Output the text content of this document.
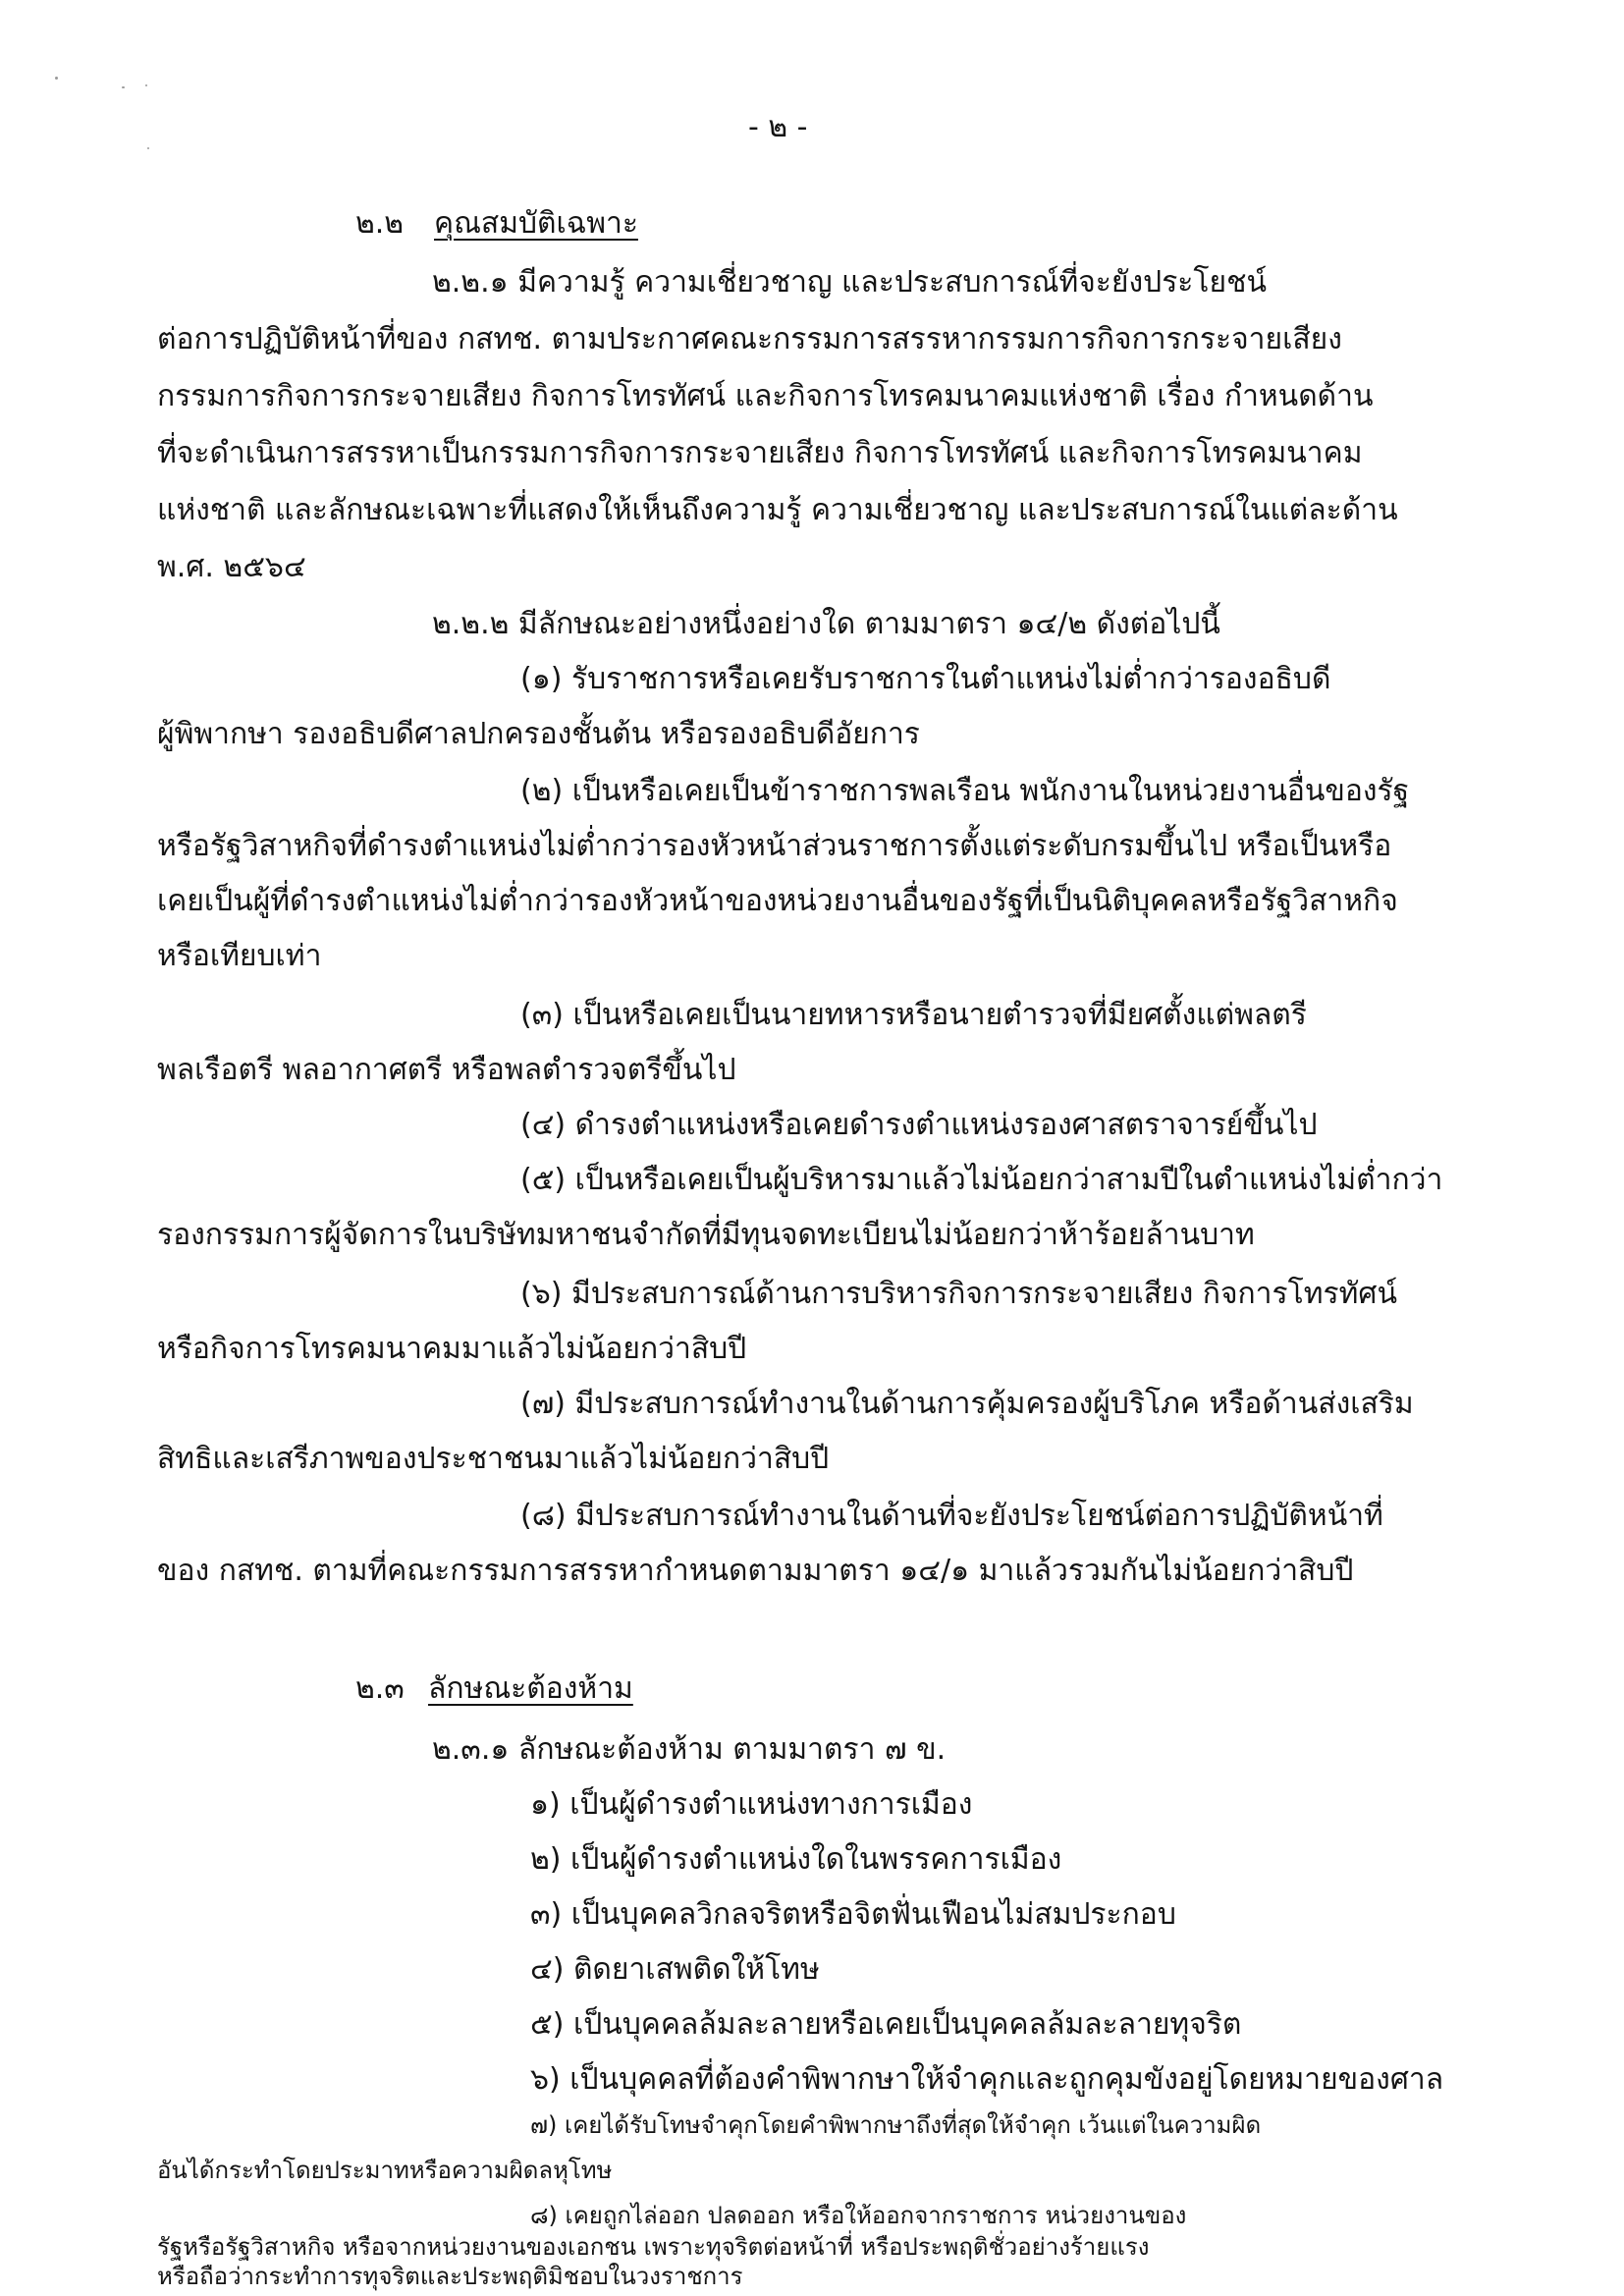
- ๒ -
๒.๒ คุณสมบัติเฉพาะ
๒.๒.๑ มีความรู้ ความเชี่ยวชาญ และประสบการณ์ที่จะยังประโยชน์
ต่อการปฏิบัติหน้าที่ของ กสทช. ตามประกาศคณะกรรมการสรรหากรรมการกิจการกระจายเสียง
กรรมการกิจการกระจายเสียง กิจการโทรทัศน์ และกิจการโทรคมนาคมแห่งชาติ เรื่อง กำหนดด้าน
ที่จะดำเนินการสรรหาเป็นกรรมการกิจการกระจายเสียง กิจการโทรทัศน์ และกิจการโทรคมนาคม
แห่งชาติ และลักษณะเฉพาะที่แสดงให้เห็นถึงความรู้ ความเชี่ยวชาญ และประสบการณ์ในแต่ละด้าน
พ.ศ. ๒๕๖๔
๒.๒.๒ มีลักษณะอย่างหนึ่งอย่างใด ตามมาตรา ๑๔/๒ ดังต่อไปนี้
(๑) รับราชการหรือเคยรับราชการในตำแหน่งไม่ต่ำกว่ารองอธิบดี
ผู้พิพากษา รองอธิบดีศาลปกครองชั้นต้น หรือรองอธิบดีอัยการ
(๒) เป็นหรือเคยเป็นข้าราชการพลเรือน พนักงานในหน่วยงานอื่นของรัฐ
หรือรัฐวิสาหกิจที่ดำรงตำแหน่งไม่ต่ำกว่ารองหัวหน้าส่วนราชการตั้งแต่ระดับกรมขึ้นไป หรือเป็นหรือ
เคยเป็นผู้ที่ดำรงตำแหน่งไม่ต่ำกว่ารองหัวหน้าของหน่วยงานอื่นของรัฐที่เป็นนิติบุคคลหรือรัฐวิสาหกิจ
หรือเทียบเท่า
(๓) เป็นหรือเคยเป็นนายทหารหรือนายตำรวจที่มียศตั้งแต่พลตรี
พลเรือตรี พลอากาศตรี หรือพลตำรวจตรีขึ้นไป
(๔) ดำรงตำแหน่งหรือเคยดำรงตำแหน่งรองศาสตราจารย์ขึ้นไป
(๕) เป็นหรือเคยเป็นผู้บริหารมาแล้วไม่น้อยกว่าสามปีในตำแหน่งไม่ต่ำกว่า
รองกรรมการผู้จัดการในบริษัทมหาชนจำกัดที่มีทุนจดทะเบียนไม่น้อยกว่าห้าร้อยล้านบาท
(๖) มีประสบการณ์ด้านการบริหารกิจการกระจายเสียง กิจการโทรทัศน์
หรือกิจการโทรคมนาคมมาแล้วไม่น้อยกว่าสิบปี
(๗) มีประสบการณ์ทำงานในด้านการคุ้มครองผู้บริโภค หรือด้านส่งเสริม
สิทธิและเสรีภาพของประชาชนมาแล้วไม่น้อยกว่าสิบปี
(๘) มีประสบการณ์ทำงานในด้านที่จะยังประโยชน์ต่อการปฏิบัติหน้าที่
ของ กสทช. ตามที่คณะกรรมการสรรหากำหนดตามมาตรา ๑๔/๑ มาแล้วรวมกันไม่น้อยกว่าสิบปี
๒.๓ ลักษณะต้องห้าม
๒.๓.๑ ลักษณะต้องห้าม ตามมาตรา ๗ ข.
๑) เป็นผู้ดำรงตำแหน่งทางการเมือง
๒) เป็นผู้ดำรงตำแหน่งใดในพรรคการเมือง
๓) เป็นบุคคลวิกลจริตหรือจิตฟั่นเฟือนไม่สมประกอบ
๔) ติดยาเสพติดให้โทษ
๕) เป็นบุคคลล้มละลายหรือเคยเป็นบุคคลล้มละลายทุจริต
๖) เป็นบุคคลที่ต้องคำพิพากษาให้จำคุกและถูกคุมขังอยู่โดยหมายของศาล
๗) เคยได้รับโทษจำคุกโดยคำพิพากษาถึงที่สุดให้จำคุก เว้นแต่ในความผิด
อันได้กระทำโดยประมาทหรือความผิดลหุโทษ
๘) เคยถูกไล่ออก ปลดออก หรือให้ออกจากราชการ หน่วยงานของ
รัฐหรือรัฐวิสาหกิจ หรือจากหน่วยงานของเอกชน เพราะทุจริตต่อหน้าที่ หรือประพฤติชั่วอย่างร้ายแรง
หรือถือว่ากระทำการทุจริตและประพฤติมิชอบในวงราชการ
